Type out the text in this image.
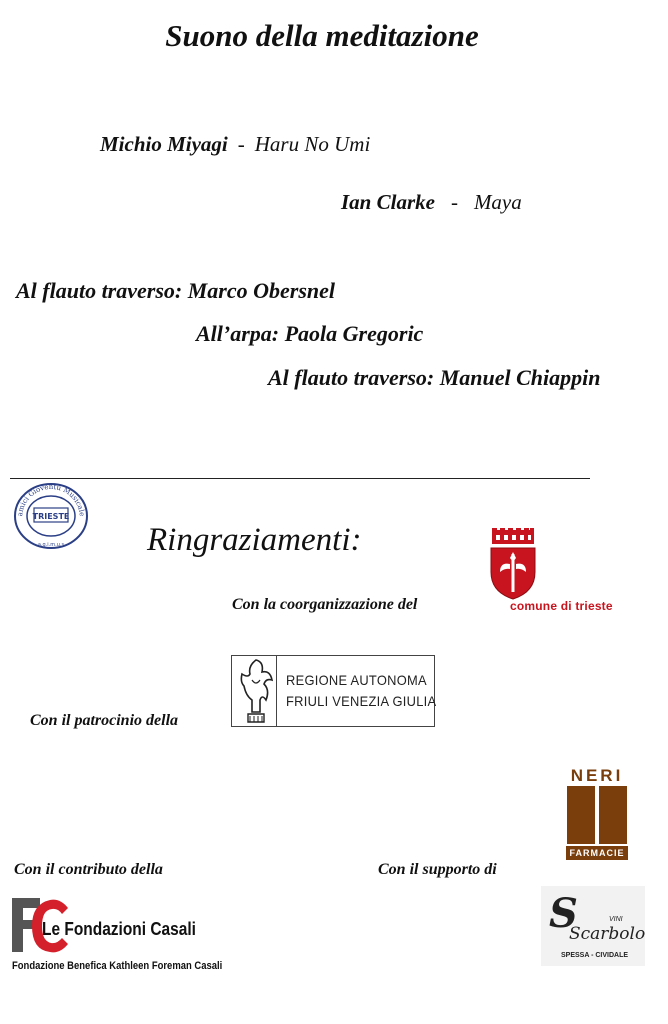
Suono della meditazione
Michio Miyagi - Haru No Umi
Ian Clarke - Maya
Al flauto traverso: Marco Obersnel
All’arpa: Paola Gregoric
Al flauto traverso: Manuel Chiappin
TRIESTE
amici Gioventù Musicale
a.g.i.m.u.s	Ringraziamenti:
comune di trieste
Con la coorganizzazione del
REGIONE AUTONOMA
FRIULI VENEZIA GIULIA
Con il patrocinio della
NERI
FARMACIE
Con il contributo della	Con il supporto di
Le Fondazioni Casali
Fondazione Benefica Kathleen Foreman Casali
S
Scarbolo
VINI
SPESSA - CIVIDALE
